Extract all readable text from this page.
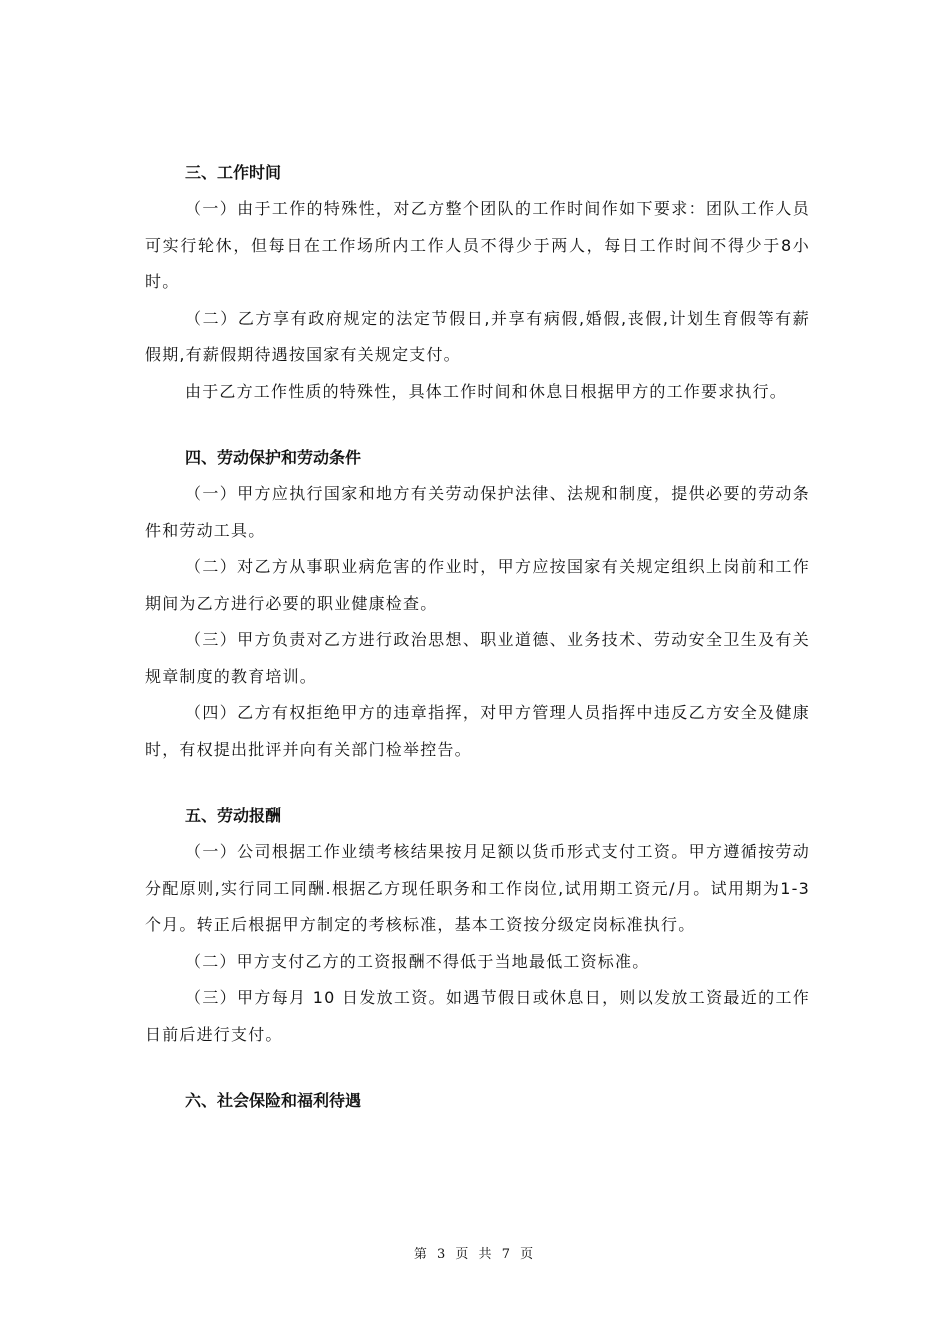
三、工作时间

（一）由于工作的特殊性，对乙方整个团队的工作时间作如下要求：团队工作人员可实行轮休，但每日在工作场所内工作人员不得少于两人，每日工作时间不得少于8小时。

（二）乙方享有政府规定的法定节假日,并享有病假,婚假,丧假,计划生育假等有薪假期,有薪假期待遇按国家有关规定支付。

由于乙方工作性质的特殊性，具体工作时间和休息日根据甲方的工作要求执行。

四、劳动保护和劳动条件

（一）甲方应执行国家和地方有关劳动保护法律、法规和制度，提供必要的劳动条件和劳动工具。

（二）对乙方从事职业病危害的作业时，甲方应按国家有关规定组织上岗前和工作期间为乙方进行必要的职业健康检查。

（三）甲方负责对乙方进行政治思想、职业道德、业务技术、劳动安全卫生及有关规章制度的教育培训。

（四）乙方有权拒绝甲方的违章指挥，对甲方管理人员指挥中违反乙方安全及健康时，有权提出批评并向有关部门检举控告。

五、劳动报酬

（一）公司根据工作业绩考核结果按月足额以货币形式支付工资。甲方遵循按劳动分配原则,实行同工同酬.根据乙方现任职务和工作岗位,试用期工资元/月。试用期为1-3个月。转正后根据甲方制定的考核标准，基本工资按分级定岗标准执行。

（二）甲方支付乙方的工资报酬不得低于当地最低工资标准。

（三）甲方每月 10 日发放工资。如遇节假日或休息日，则以发放工资最近的工作日前后进行支付。

六、社会保险和福利待遇
第 3 页 共 7 页
